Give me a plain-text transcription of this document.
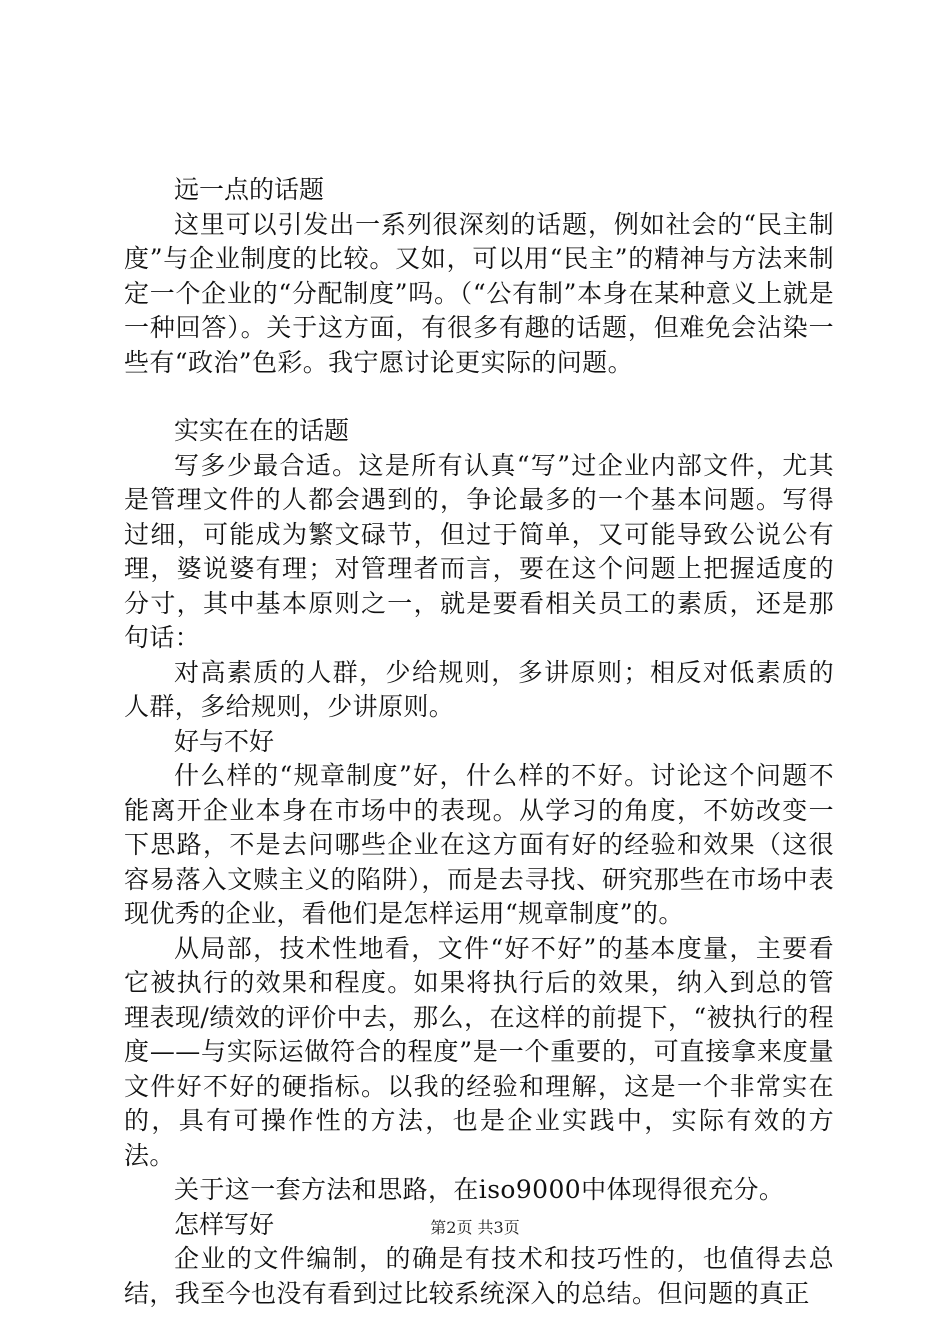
远一点的话题

这里可以引发出一系列很深刻的话题，例如社会的“民主制度”与企业制度的比较。又如，可以用“民主”的精神与方法来制定一个企业的“分配制度”吗。（“公有制”本身在某种意义上就是一种回答）。关于这方面，有很多有趣的话题，但难免会沾染一些有“政治”色彩。我宁愿讨论更实际的问题。

实实在在的话题

写多少最合适。这是所有认真“写”过企业内部文件，尤其是管理文件的人都会遇到的，争论最多的一个基本问题。写得过细，可能成为繁文碌节，但过于简单，又可能导致公说公有理，婆说婆有理；对管理者而言，要在这个问题上把握适度的分寸，其中基本原则之一，就是要看相关员工的素质，还是那句话：

对高素质的人群，少给规则，多讲原则；相反对低素质的人群，多给规则，少讲原则。

好与不好

什么样的“规章制度”好，什么样的不好。讨论这个问题不能离开企业本身在市场中的表现。从学习的角度，不妨改变一下思路，不是去问哪些企业在这方面有好的经验和效果（这很容易落入文赎主义的陷阱），而是去寻找、研究那些在市场中表现优秀的企业，看他们是怎样运用“规章制度”的。

从局部，技术性地看，文件“好不好”的基本度量，主要看它被执行的效果和程度。如果将执行后的效果，纳入到总的管理表现/绩效的评价中去，那么，在这样的前提下，“被执行的程度——与实际运做符合的程度”是一个重要的，可直接拿来度量文件好不好的硬指标。以我的经验和理解，这是一个非常实在的，具有可操作性的方法，也是企业实践中，实际有效的方法。

关于这一套方法和思路，在iso9000中体现得很充分。

怎样写好

企业的文件编制，的确是有技术和技巧性的，也值得去总结，我至今也没有看到过比较系统深入的总结。但问题的真正

第2页 共3页
